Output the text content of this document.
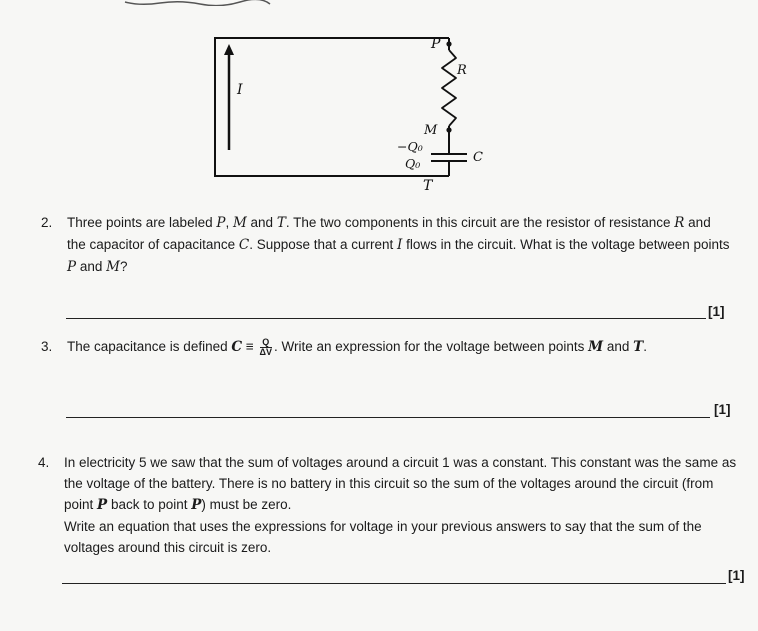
P
R
I
M
−Q₀
Q₀	C
T
2.	Three points are labeled P, M and T. The two components in this circuit are the resistor of resistance R and the capacitor of capacitance C. Suppose that a current I flows in the circuit. What is the voltage between points P and M?
[1]
3.	The capacitance is defined $C \equiv \frac{Q}{\Delta V}$ . Write an expression for the voltage between points M and T.
[1]
4.	In electricity 5 we saw that the sum of voltages around a circuit 1 was a constant. This constant was the same as
the voltage of the battery. There is no battery in this circuit so the sum of the voltages around the circuit (from
point P back to point P) must be zero.
Write an equation that uses the expressions for voltage in your previous answers to say that the sum of the
voltages around this circuit is zero.
[1]
